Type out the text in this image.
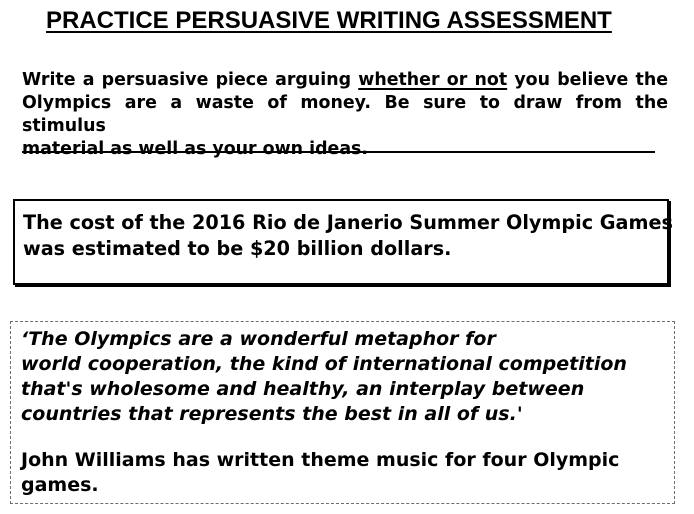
PRACTICE PERSUASIVE WRITING ASSESSMENT

Write a persuasive piece arguing whether or not you believe the
Olympics are a waste of money. Be sure to draw from the stimulus
material as well as your own ideas.

The cost of the 2016 Rio de Janerio Summer Olympic Games
was estimated to be $20 billion dollars.

‘The Olympics are a wonderful metaphor for
world cooperation, the kind of international competition
that's wholesome and healthy, an interplay between
countries that represents the best in all of us.'

John Williams has written theme music for four Olympic
games.
